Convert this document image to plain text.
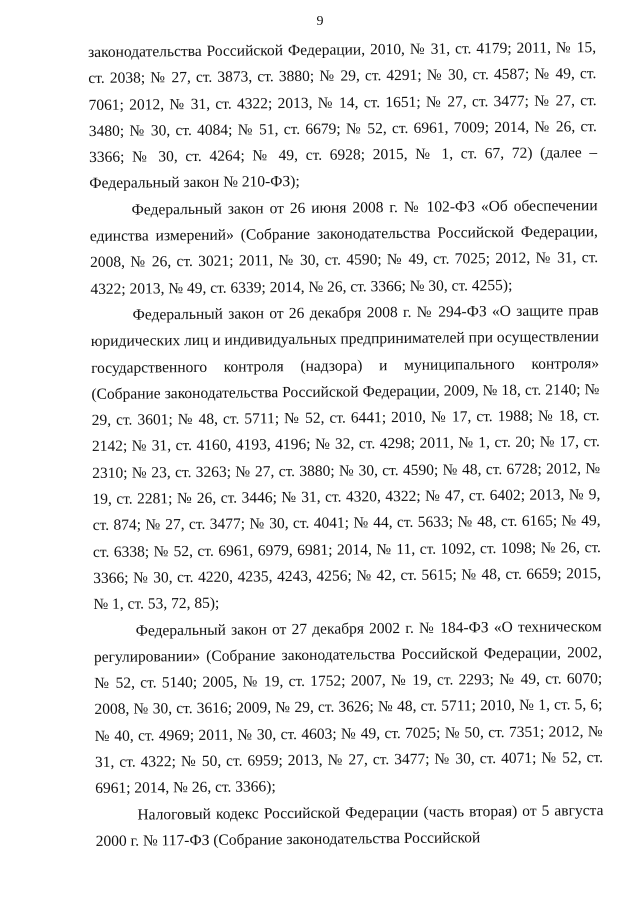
9

законодательства Российской Федерации, 2010, № 31, ст. 4179; 2011, № 15, ст. 2038; № 27, ст. 3873, ст. 3880; № 29, ст. 4291; № 30, ст. 4587; № 49, ст. 7061; 2012, № 31, ст. 4322; 2013, № 14, ст. 1651; № 27, ст. 3477; № 27, ст. 3480; № 30, ст. 4084; № 51, ст. 6679; № 52, ст. 6961, 7009; 2014, № 26, ст. 3366; № 30, ст. 4264; № 49, ст. 6928; 2015, № 1, ст. 67, 72) (далее – Федеральный закон № 210-ФЗ);

Федеральный закон от 26 июня 2008 г. № 102-ФЗ «Об обеспечении единства измерений» (Собрание законодательства Российской Федерации, 2008, № 26, ст. 3021; 2011, № 30, ст. 4590; № 49, ст. 7025; 2012, № 31, ст. 4322; 2013, № 49, ст. 6339; 2014, № 26, ст. 3366; № 30, ст. 4255);

Федеральный закон от 26 декабря 2008 г. № 294-ФЗ «О защите прав юридических лиц и индивидуальных предпринимателей при осуществлении государственного контроля (надзора) и муниципального контроля» (Собрание законодательства Российской Федерации, 2009, № 18, ст. 2140; № 29, ст. 3601; № 48, ст. 5711; № 52, ст. 6441; 2010, № 17, ст. 1988; № 18, ст. 2142; № 31, ст. 4160, 4193, 4196; № 32, ст. 4298; 2011, № 1, ст. 20; № 17, ст. 2310; № 23, ст. 3263; № 27, ст. 3880; № 30, ст. 4590; № 48, ст. 6728; 2012, № 19, ст. 2281; № 26, ст. 3446; № 31, ст. 4320, 4322; № 47, ст. 6402; 2013, № 9, ст. 874; № 27, ст. 3477; № 30, ст. 4041; № 44, ст. 5633; № 48, ст. 6165; № 49, ст. 6338; № 52, ст. 6961, 6979, 6981; 2014, № 11, ст. 1092, ст. 1098; № 26, ст. 3366; № 30, ст. 4220, 4235, 4243, 4256; № 42, ст. 5615; № 48, ст. 6659; 2015, № 1, ст. 53, 72, 85);

Федеральный закон от 27 декабря 2002 г. № 184-ФЗ «О техническом регулировании» (Собрание законодательства Российской Федерации, 2002, № 52, ст. 5140; 2005, № 19, ст. 1752; 2007, № 19, ст. 2293; № 49, ст. 6070; 2008, № 30, ст. 3616; 2009, № 29, ст. 3626; № 48, ст. 5711; 2010, № 1, ст. 5, 6; № 40, ст. 4969; 2011, № 30, ст. 4603; № 49, ст. 7025; № 50, ст. 7351; 2012, № 31, ст. 4322; № 50, ст. 6959; 2013, № 27, ст. 3477; № 30, ст. 4071; № 52, ст. 6961; 2014, № 26, ст. 3366);

Налоговый кодекс Российской Федерации (часть вторая) от 5 августа 2000 г. № 117-ФЗ (Собрание законодательства Российской
